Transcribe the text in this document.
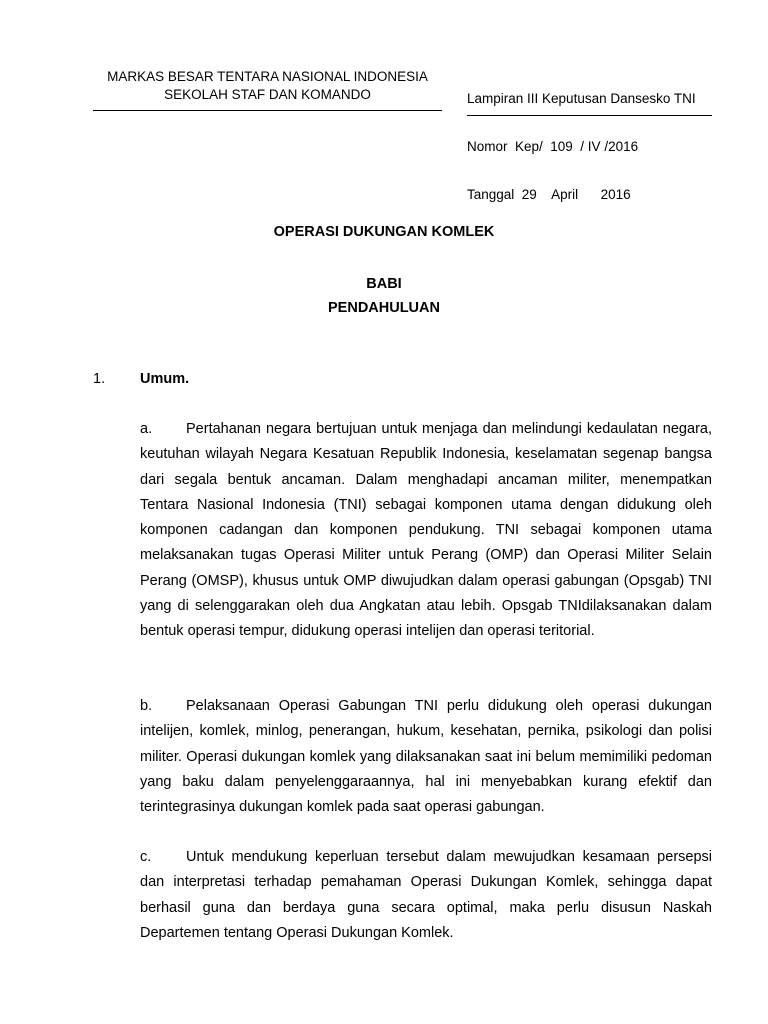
MARKAS BESAR TENTARA NASIONAL INDONESIA
SEKOLAH STAF DAN KOMANDO

	Lampiran III Keputusan Dansesko TNI

Nomor  Kep/  109  / IV /2016

Tanggal  29    April      2016

OPERASI DUKUNGAN KOMLEK
BABI
PENDAHULUAN
1. Umum.
a. Pertahanan negara bertujuan untuk menjaga dan melindungi kedaulatan negara, keutuhan wilayah Negara Kesatuan Republik Indonesia, keselamatan segenap bangsa dari segala bentuk ancaman. Dalam menghadapi ancaman militer, menempatkan Tentara Nasional Indonesia (TNI) sebagai komponen utama dengan didukung oleh komponen cadangan dan komponen pendukung. TNI sebagai komponen utama melaksanakan tugas Operasi Militer untuk Perang (OMP) dan Operasi Militer Selain Perang (OMSP), khusus untuk OMP diwujudkan dalam operasi gabungan (Opsgab) TNI yang di selenggarakan oleh dua Angkatan atau lebih. Opsgab TNIdilaksanakan dalam bentuk operasi tempur, didukung operasi intelijen dan operasi teritorial.
b. Pelaksanaan Operasi Gabungan TNI perlu didukung oleh operasi dukungan intelijen, komlek, minlog, penerangan, hukum, kesehatan, pernika, psikologi dan polisi militer. Operasi dukungan komlek yang dilaksanakan saat ini belum memimiliki pedoman yang baku dalam penyelenggaraannya, hal ini menyebabkan kurang efektif dan terintegrasinya dukungan komlek pada saat operasi gabungan.
c. Untuk mendukung keperluan tersebut dalam mewujudkan kesamaan persepsi dan interpretasi terhadap pemahaman Operasi Dukungan Komlek, sehingga dapat berhasil guna dan berdaya guna secara optimal, maka perlu disusun Naskah Departemen tentang Operasi Dukungan Komlek.
